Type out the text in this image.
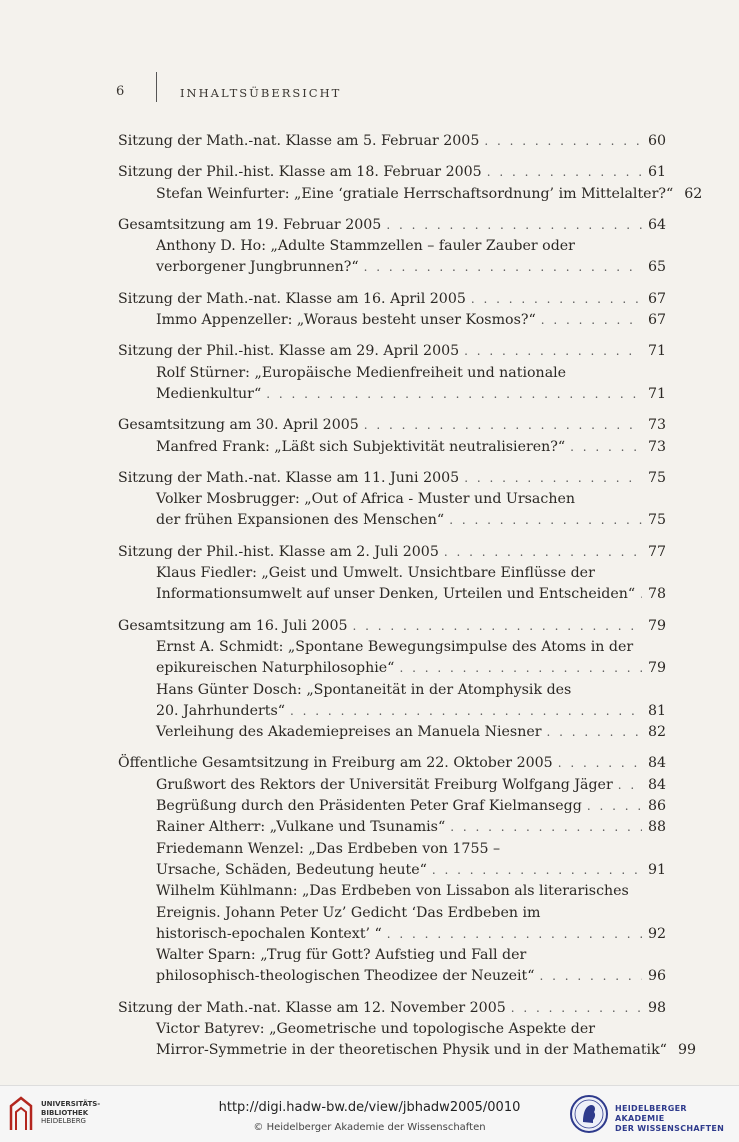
6	INHALTSÜBERSICHT
Sitzung der Math.-nat. Klasse am 5. Februar 2005 . . .	60
Sitzung der Phil.-hist. Klasse am 18. Februar 2005 . . .	61
Stefan Weinfurter: „Eine ‘gratiale Herrschaftsordnung’ im Mittelalter?“ 62
Gesamtsitzung am 19. Februar 2005 . . .	64
Anthony D. Ho: „Adulte Stammzellen – fauler Zauber oder
verborgener Jungbrunnen?“ . . .	65
Sitzung der Math.-nat. Klasse am 16. April 2005 . . .	67
Immo Appenzeller: „Woraus besteht unser Kosmos?“ . . .	67
Sitzung der Phil.-hist. Klasse am 29. April 2005 . . .	71
Rolf Stürner: „Europäische Medienfreiheit und nationale
Medienkultur“ . . .	71
Gesamtsitzung am 30. April 2005 . . .	73
Manfred Frank: „Läßt sich Subjektivität neutralisieren?“ . . .	73
Sitzung der Math.-nat. Klasse am 11. Juni 2005 . . .	75
Volker Mosbrugger: „Out of Africa - Muster und Ursachen
der frühen Expansionen des Menschen“ . . .	75
Sitzung der Phil.-hist. Klasse am 2. Juli 2005 . . .	77
Klaus Fiedler: „Geist und Umwelt. Unsichtbare Einflüsse der
Informationsumwelt auf unser Denken, Urteilen und Entscheiden“ . . . 78
Gesamtsitzung am 16. Juli 2005 . . .	79
Ernst A. Schmidt: „Spontane Bewegungsimpulse des Atoms in der
epikureischen Naturphilosophie“ . . .	79
Hans Günter Dosch: „Spontaneität in der Atomphysik des
20. Jahrhunderts“ . . .	81
Verleihung des Akademiepreises an Manuela Niesner . . .	82
Öffentliche Gesamtsitzung in Freiburg am 22. Oktober 2005 . . .	84
Grußwort des Rektors der Universität Freiburg Wolfgang Jäger . . . 84
Begrüßung durch den Präsidenten Peter Graf Kielmansegg . . .	86
Rainer Altherr: „Vulkane und Tsunamis“ . . .	88
Friedemann Wenzel: „Das Erdbeben von 1755 –
Ursache, Schäden, Bedeutung heute“ . . .	91
Wilhelm Kühlmann: „Das Erdbeben von Lissabon als literarisches
Ereignis. Johann Peter Uz’ Gedicht ‘Das Erdbeben im
historisch-epochalen Kontext’ “ . . .	92
Walter Sparn: „Trug für Gott? Aufstieg und Fall der
philosophisch-theologischen Theodizee der Neuzeit“ . . .	96
Sitzung der Math.-nat. Klasse am 12. November 2005 . . .	98
Victor Batyrev: „Geometrische und topologische Aspekte der
Mirror-Symmetrie in der theoretischen Physik und in der Mathematik“ 99
UNIVERSITÄTS-
BIBLIOTHEK
HEIDELBERG
http://digi.hadw-bw.de/view/jbhadw2005/0010
© Heidelberger Akademie der Wissenschaften
HEIDELBERGER AKADEMIE
DER WISSENSCHAFTEN
